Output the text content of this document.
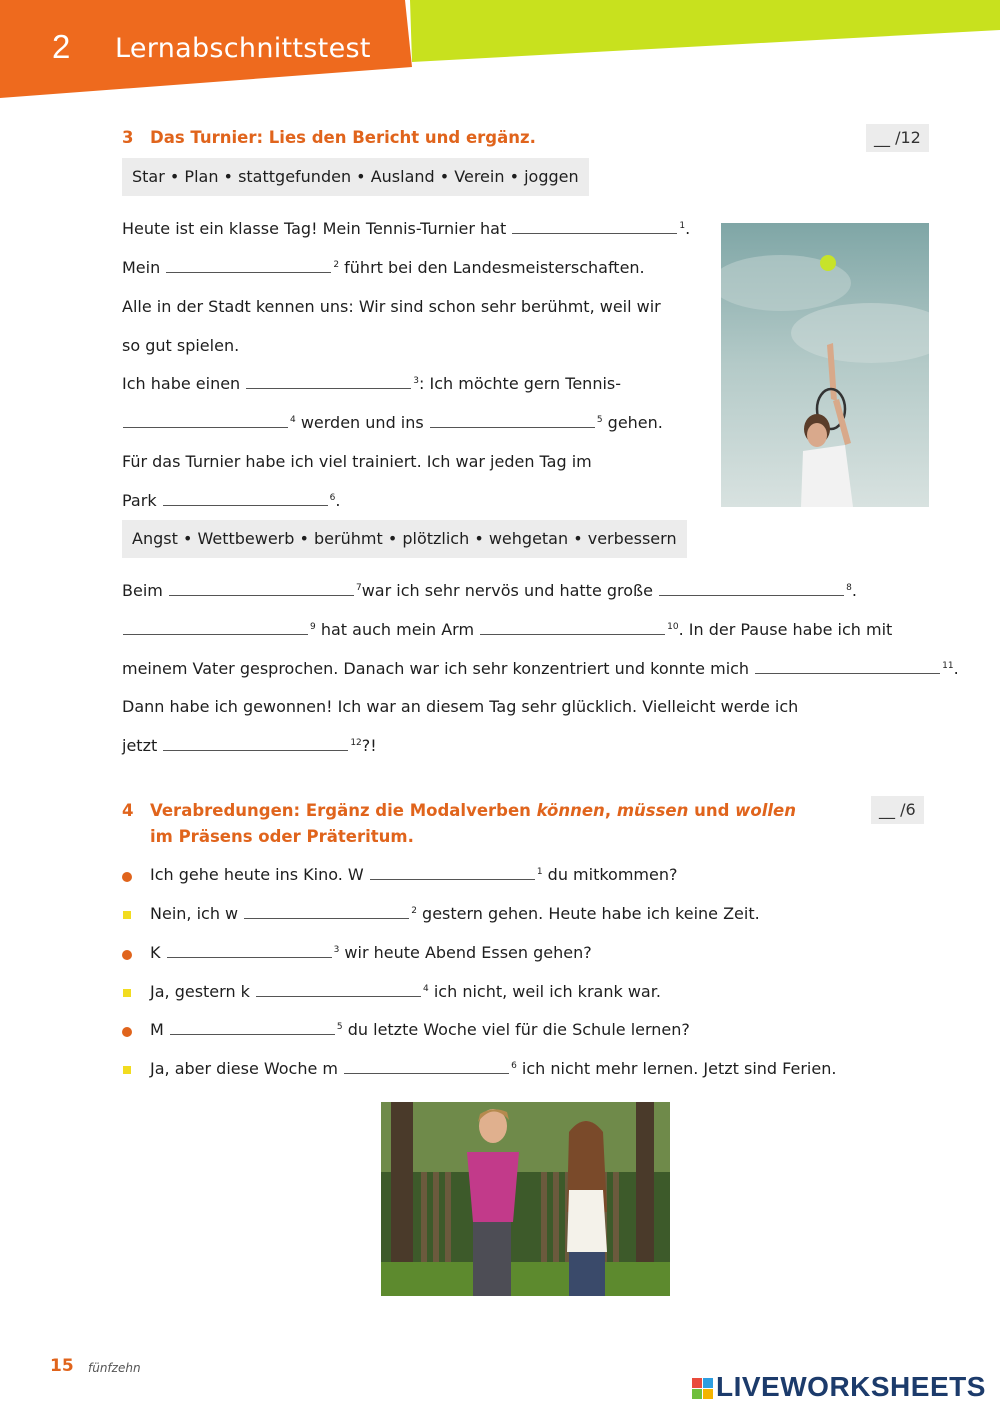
2 Lernabschnittstest
3 Das Turnier: Lies den Bericht und ergänz.	__ /12
Star • Plan • stattgefunden • Ausland • Verein • joggen
Heute ist ein klasse Tag! Mein Tennis-Turnier hat	$^1$.
Mein	$^2$ führt bei den Landesmeisterschaften.
Alle in der Stadt kennen uns: Wir sind schon sehr berühmt, weil wir
so gut spielen.
Ich habe einen	$^3$: Ich möchte gern Tennis-
$^4$ werden und ins	$^5$ gehen.
Für das Turnier habe ich viel trainiert. Ich war jeden Tag im
Park	$^6$.
Angst • Wettbewerb • berühmt • plötzlich • wehgetan • verbessern
Beim	$^7$war ich sehr nervös und hatte große	$^8$.
$^9$ hat auch mein Arm	$^{10}$. In der Pause habe ich mit
meinem Vater gesprochen. Danach war ich sehr konzentriert und konnte mich	$^{11}$.
Dann habe ich gewonnen! Ich war an diesem Tag sehr glücklich. Vielleicht werde ich
jetzt	$^{12}$?!
4 Verabredungen: Ergänz die Modalverben können, müssen und wollen
im Präsens oder Präteritum.
__ /6
Ich gehe heute ins Kino. W	$^1$ du mitkommen?
Nein, ich w	$^2$ gestern gehen. Heute habe ich keine Zeit.
K	$^3$ wir heute Abend Essen gehen?
Ja, gestern k	$^4$ ich nicht, weil ich krank war.
M	$^5$ du letzte Woche viel für die Schule lernen?
Ja, aber diese Woche m	$^6$ ich nicht mehr lernen. Jetzt sind Ferien.
15 fünfzehn
LIVEWORKSHEETS
